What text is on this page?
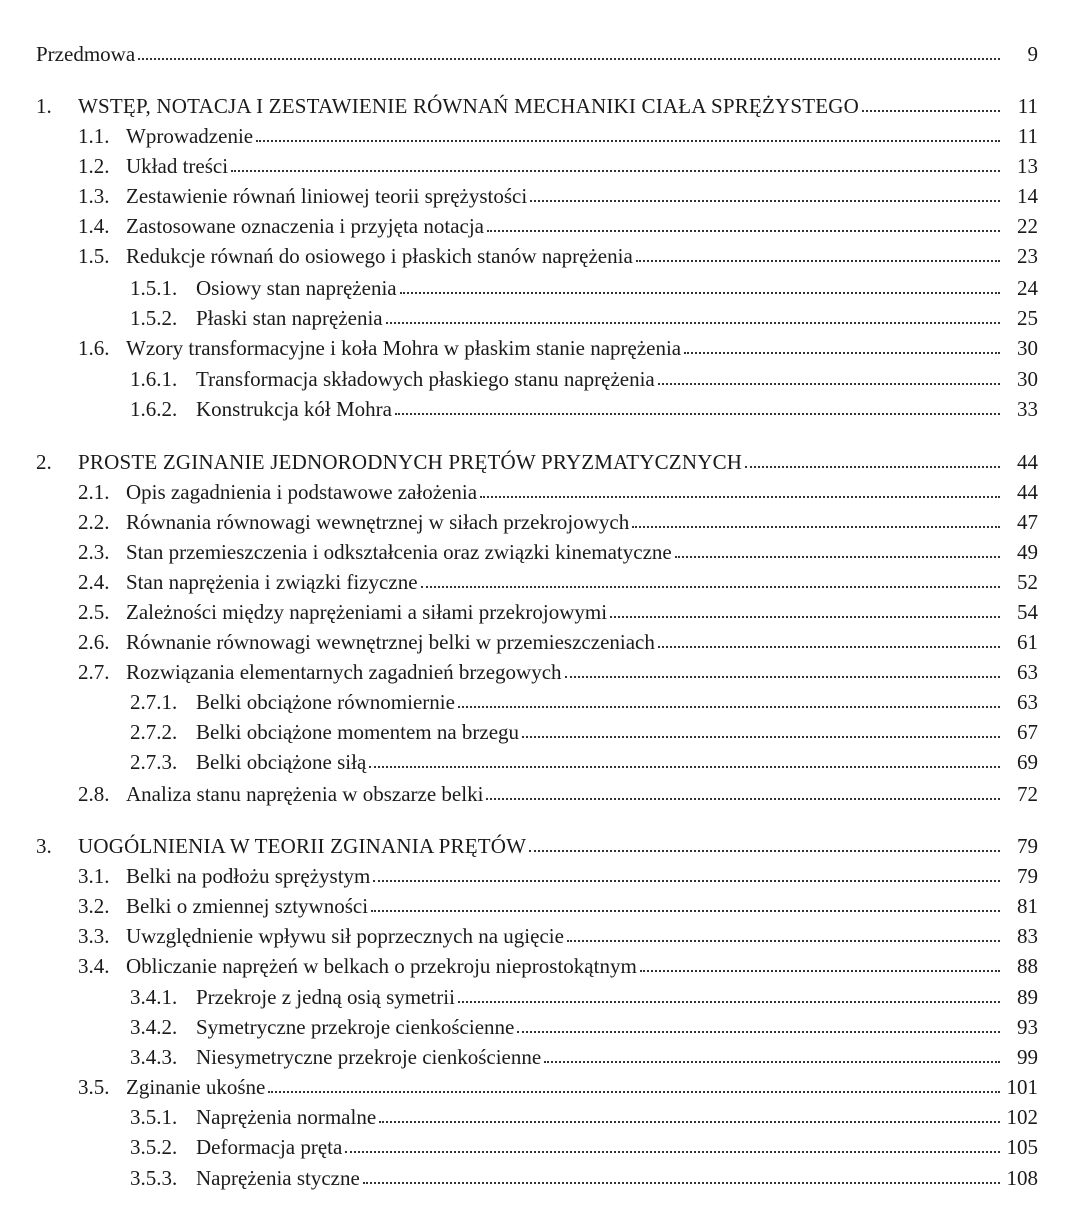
Przedmowa	9
1.	WSTĘP, NOTACJA I ZESTAWIENIE RÓWNAŃ MECHANIKI CIAŁA SPRĘŻYSTEGO	11
1.1. Wprowadzenie	11
1.2. Układ treści	13
1.3. Zestawienie równań liniowej teorii sprężystości	14
1.4. Zastosowane oznaczenia i przyjęta notacja	22
1.5. Redukcje równań do osiowego i płaskich stanów naprężenia	23
1.5.1. Osiowy stan naprężenia	24
1.5.2. Płaski stan naprężenia	25
1.6. Wzory transformacyjne i koła Mohra w płaskim stanie naprężenia	30
1.6.1. Transformacja składowych płaskiego stanu naprężenia	30
1.6.2. Konstrukcja kół Mohra	33
2.	PROSTE ZGINANIE JEDNORODNYCH PRĘTÓW PRYZMATYCZNYCH	44
2.1. Opis zagadnienia i podstawowe założenia	44
2.2. Równania równowagi wewnętrznej w siłach przekrojowych	47
2.3. Stan przemieszczenia i odkształcenia oraz związki kinematyczne	49
2.4. Stan naprężenia i związki fizyczne	52
2.5. Zależności między naprężeniami a siłami przekrojowymi	54
2.6. Równanie równowagi wewnętrznej belki w przemieszczeniach	61
2.7. Rozwiązania elementarnych zagadnień brzegowych	63
2.7.1. Belki obciążone równomiernie	63
2.7.2. Belki obciążone momentem na brzegu	67
2.7.3. Belki obciążone siłą	69
2.8. Analiza stanu naprężenia w obszarze belki	72
3.	UOGÓLNIENIA W TEORII ZGINANIA PRĘTÓW	79
3.1. Belki na podłożu sprężystym	79
3.2. Belki o zmiennej sztywności	81
3.3. Uwzględnienie wpływu sił poprzecznych na ugięcie	83
3.4. Obliczanie naprężeń w belkach o przekroju nieprostokątnym	88
3.4.1. Przekroje z jedną osią symetrii	89
3.4.2. Symetryczne przekroje cienkościenne	93
3.4.3. Niesymetryczne przekroje cienkościenne	99
3.5. Zginanie ukośne	101
3.5.1. Naprężenia normalne	102
3.5.2. Deformacja pręta	105
3.5.3. Naprężenia styczne	108
